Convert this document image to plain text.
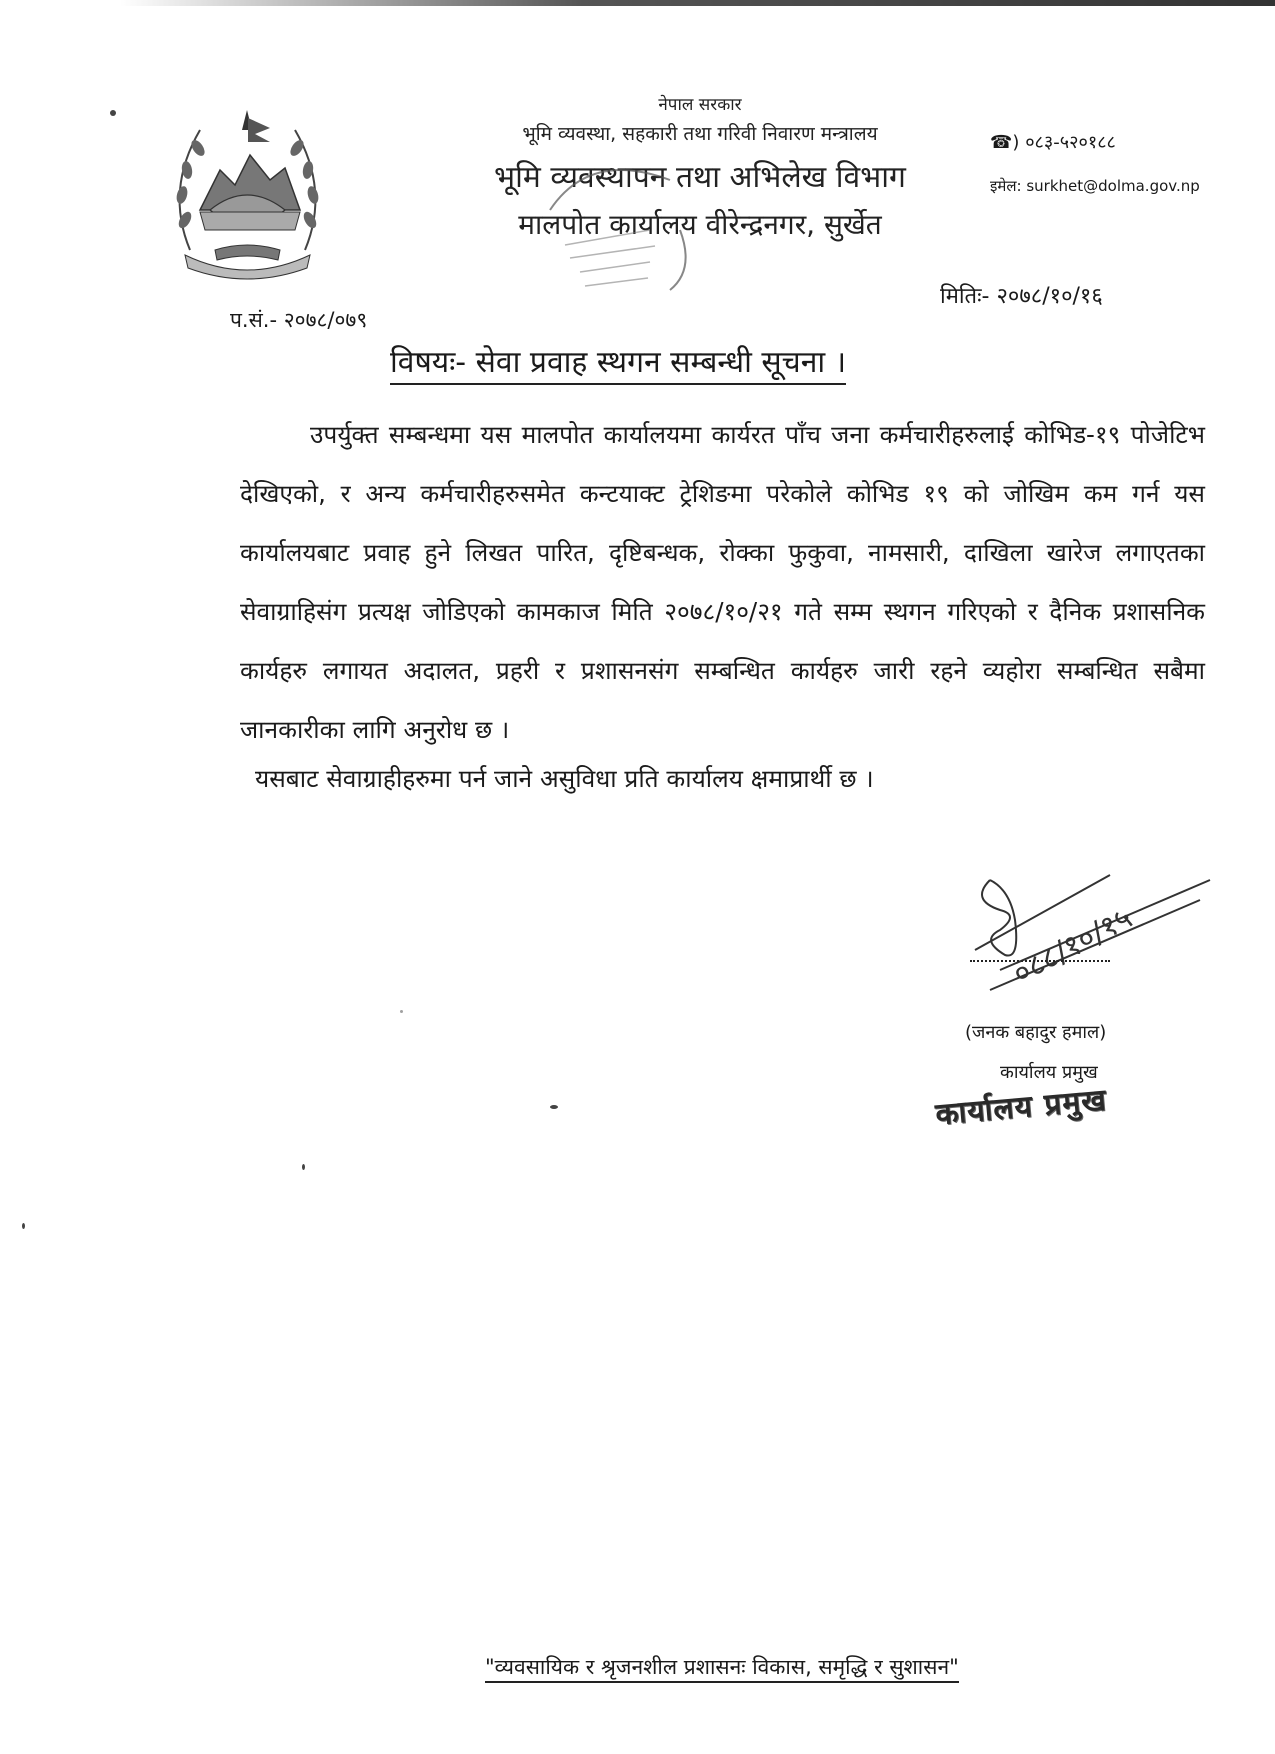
नेपाल सरकार
भूमि व्यवस्था, सहकारी तथा गरिवी निवारण मन्त्रालय
भूमि व्यवस्थापन तथा अभिलेख विभाग
मालपोत कार्यालय वीरेन्द्रनगर, सुर्खेत
☎) ०८३-५२०१८८
इमेल: surkhet@dolma.gov.np
प.सं.- २०७८/०७९
मितिः- २०७८/१०/१६
विषयः- सेवा प्रवाह स्थगन सम्बन्धी सूचना ।

उपर्युक्त सम्बन्धमा यस मालपोत कार्यालयमा कार्यरत पाँच जना कर्मचारीहरुलाई कोभिड-१९ पोजेटिभ देखिएको, र अन्य कर्मचारीहरुसमेत कन्टयाक्ट ट्रेशिङमा परेकोले कोभिड १९ को जोखिम कम गर्न यस कार्यालयबाट प्रवाह हुने लिखत पारित, दृष्टिबन्धक, रोक्का फुकुवा, नामसारी, दाखिला खारेज लगाएतका सेवाग्राहिसंग प्रत्यक्ष जोडिएको कामकाज मिति २०७८/१०/२१ गते सम्म स्थगन गरिएको र दैनिक प्रशासनिक कार्यहरु लगायत अदालत, प्रहरी र प्रशासनसंग सम्बन्धित कार्यहरु जारी रहने व्यहोरा सम्बन्धित सबैमा जानकारीका लागि अनुरोध छ ।

यसबाट सेवाग्राहीहरुमा पर्न जाने असुविधा प्रति कार्यालय क्षमाप्रार्थी छ ।

०८८/१०/१५
(जनक बहादुर हमाल)
कार्यालय प्रमुख
कार्यालय प्रमुख
"व्यवसायिक र श्रृजनशील प्रशासनः विकास, समृद्धि र सुशासन"
